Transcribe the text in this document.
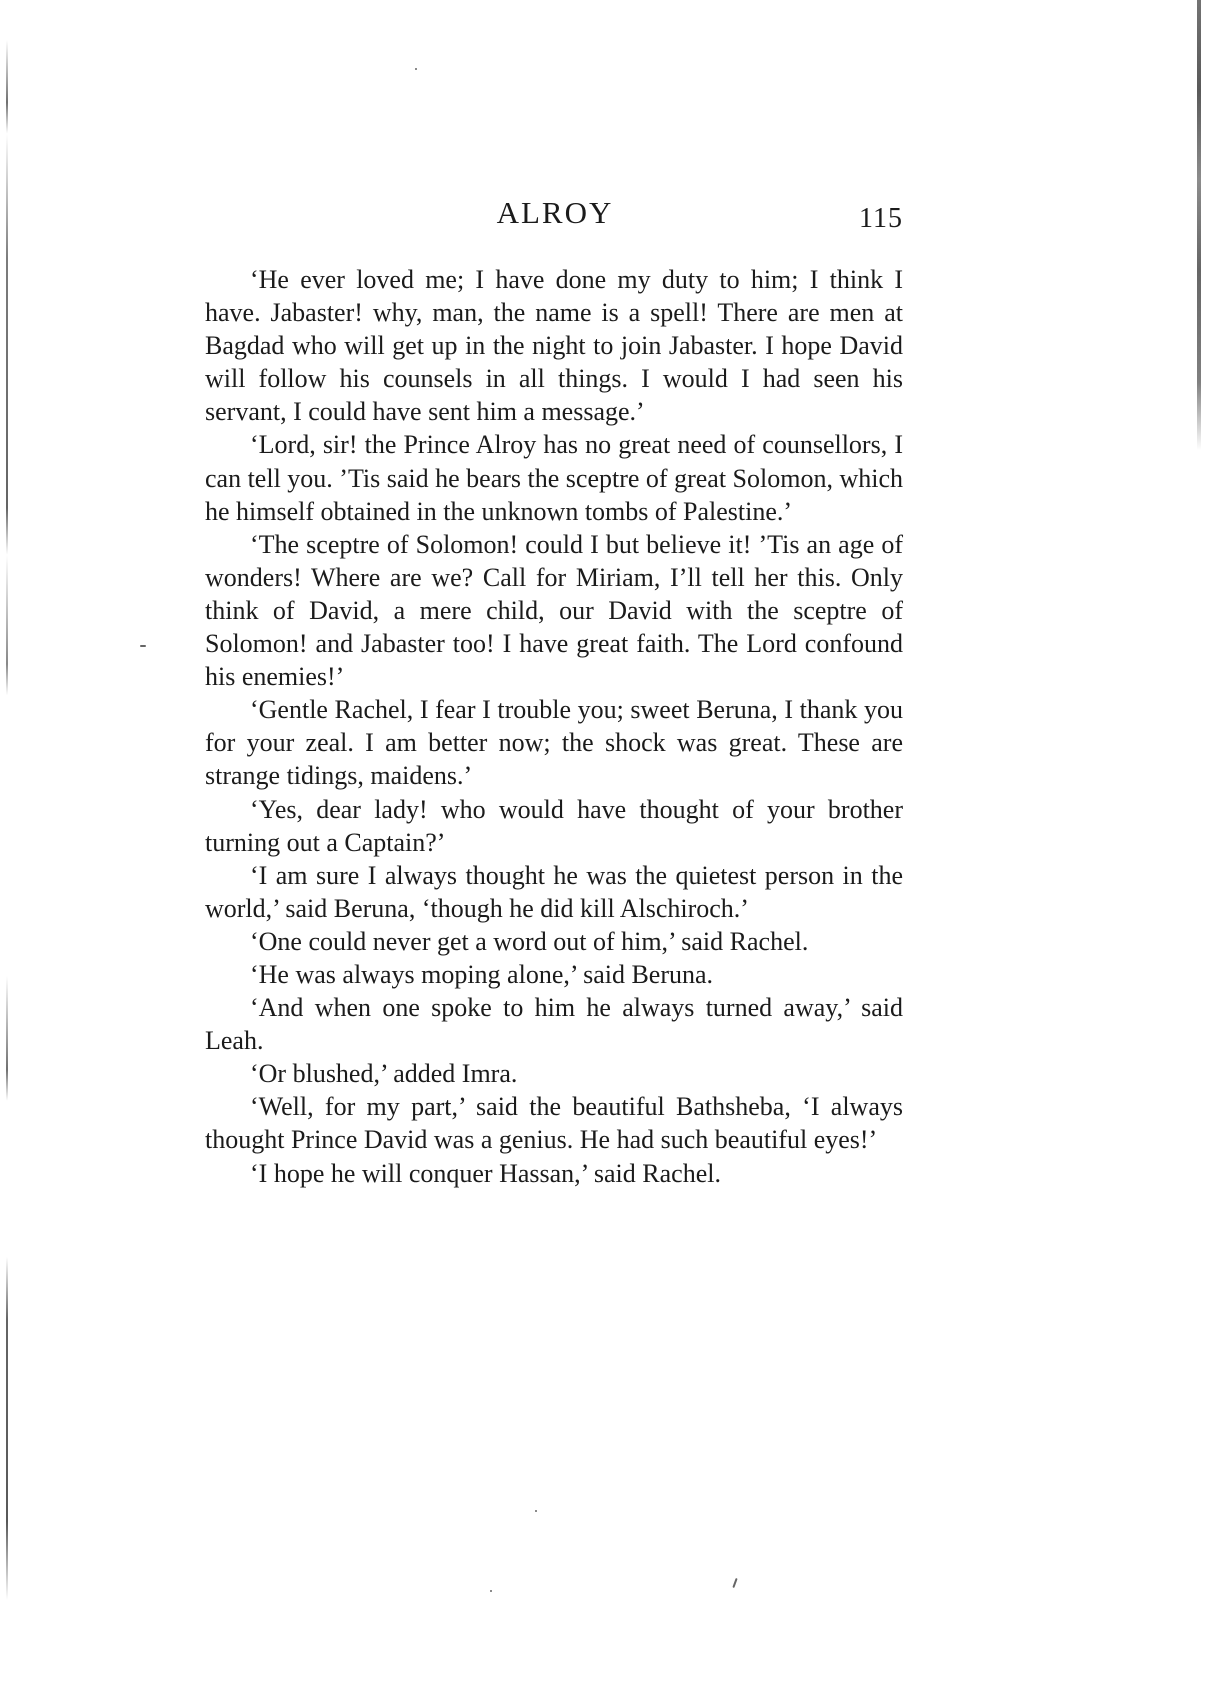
ALROY	115

‘He ever loved me; I have done my duty to him; I think I have. Jabaster! why, man, the name is a spell! There are men at Bagdad who will get up in the night to join Jabaster. I hope David will follow his counsels in all things. I would I had seen his servant, I could have sent him a message.’

‘Lord, sir! the Prince Alroy has no great need of counsellors, I can tell you. ’Tis said he bears the sceptre of great Solomon, which he himself obtained in the unknown tombs of Palestine.’

‘The sceptre of Solomon! could I but believe it! ’Tis an age of wonders! Where are we? Call for Miriam, I’ll tell her this. Only think of David, a mere child, our David with the sceptre of Solomon! and Jabaster too! I have great faith. The Lord confound his enemies!’

‘Gentle Rachel, I fear I trouble you; sweet Beruna, I thank you for your zeal. I am better now; the shock was great. These are strange tidings, maidens.’

‘Yes, dear lady! who would have thought of your brother turning out a Captain?’

‘I am sure I always thought he was the quietest person in the world,’ said Beruna, ‘though he did kill Alschiroch.’

‘One could never get a word out of him,’ said Rachel.

‘He was always moping alone,’ said Beruna.

‘And when one spoke to him he always turned away,’ said Leah.

‘Or blushed,’ added Imra.

‘Well, for my part,’ said the beautiful Bathsheba, ‘I always thought Prince David was a genius. He had such beautiful eyes!’

‘I hope he will conquer Hassan,’ said Rachel.
